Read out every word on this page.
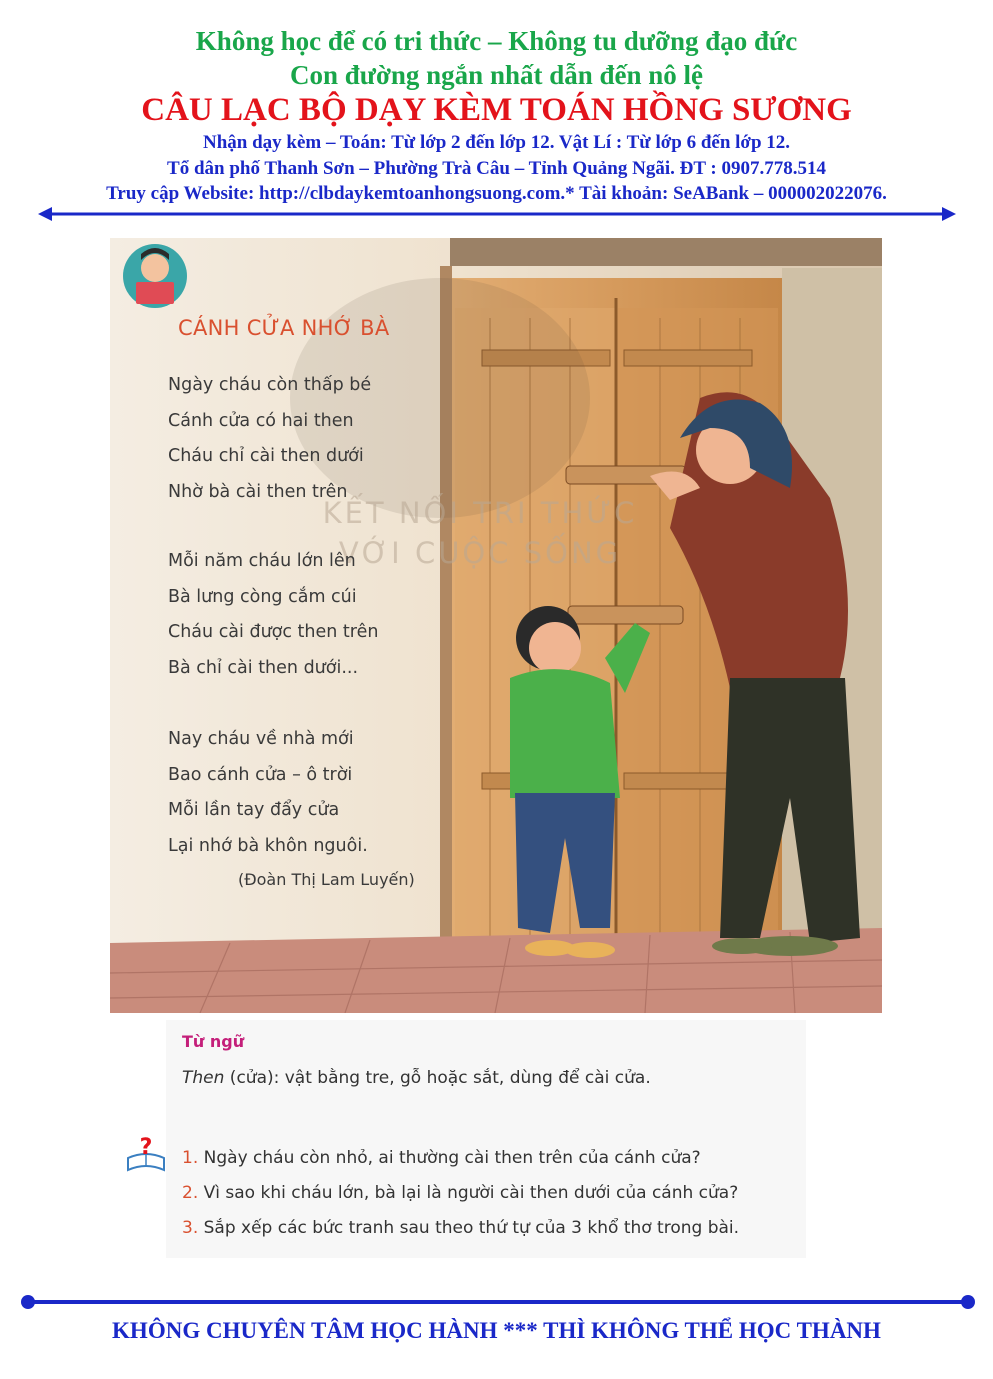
Không học để có tri thức – Không tu dưỡng đạo đức
Con đường ngắn nhất dẫn đến nô lệ
CÂU LẠC BỘ DẠY KÈM TOÁN HỒNG SƯƠNG
Nhận dạy kèm – Toán: Từ lớp 2 đến lớp 12. Vật Lí : Từ lớp 6 đến lớp 12.
Tổ dân phố Thanh Sơn – Phường Trà Câu – Tỉnh Quảng Ngãi. ĐT : 0907.778.514
Truy cập Website: http://clbdaykemtoanhongsuong.com.* Tài khoản: SeABank – 000002022076.
KẾT NỐI TRI THỨC
VỚI CUỘC SỐNG
CÁNH CỬA NHỚ BÀ
Ngày cháu còn thấp bé
Cánh cửa có hai then
Cháu chỉ cài then dưới
Nhờ bà cài then trên
Mỗi năm cháu lớn lên
Bà lưng còng cắm cúi
Cháu cài được then trên
Bà chỉ cài then dưới...
Nay cháu về nhà mới
Bao cánh cửa – ô trời
Mỗi lần tay đẩy cửa
Lại nhớ bà khôn nguôi.
(Đoàn Thị Lam Luyến)
Từ ngữ
Then (cửa): vật bằng tre, gỗ hoặc sắt, dùng để cài cửa.
? 1. Ngày cháu còn nhỏ, ai thường cài then trên của cánh cửa?
2. Vì sao khi cháu lớn, bà lại là người cài then dưới của cánh cửa?
3. Sắp xếp các bức tranh sau theo thứ tự của 3 khổ thơ trong bài.
KHÔNG CHUYÊN TÂM HỌC HÀNH *** THÌ KHÔNG THỂ HỌC THÀNH
